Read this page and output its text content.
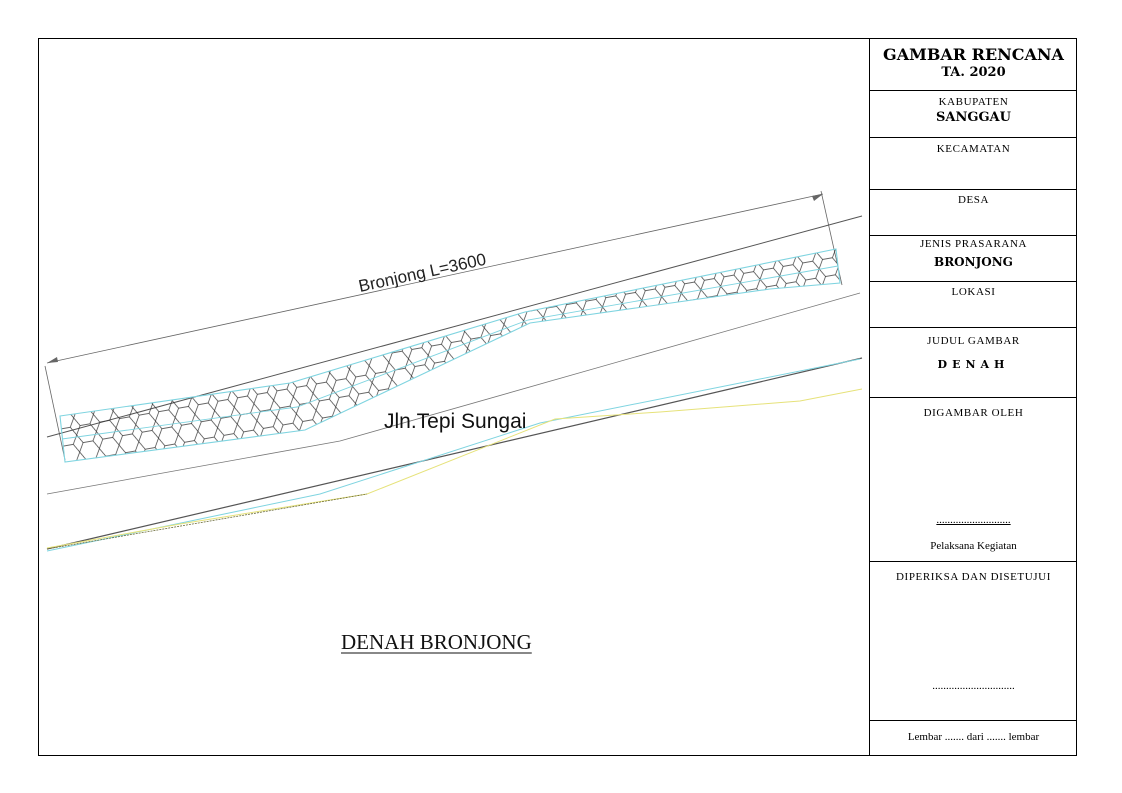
Bronjong L=3600
Jln.Tepi Sungai
DENAH BRONJONG
GAMBAR RENCANA
TA. 2020
KABUPATEN
SANGGAU
KECAMATAN
DESA
JENIS PRASARANA
BRONJONG
LOKASI
JUDUL GAMBAR
DENAH
DIGAMBAR OLEH
...........................
Pelaksana Kegiatan
DIPERIKSA DAN DISETUJUI
..............................
Lembar ....... dari ....... lembar
